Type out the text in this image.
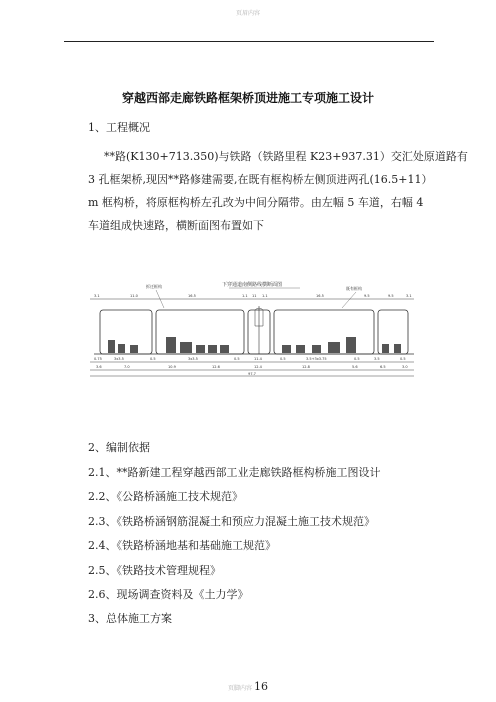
页眉内容
穿越西部走廊铁路框架桥顶进施工专项施工设计
1、工程概况
**路(K130+713.350)与铁路（铁路里程 K23+937.31）交汇处原道路有
3 孔框架桥,现因**路修建需要,在既有框构桥左侧顶进两孔(16.5+11）
m 框构桥，将原框构桥左孔改为中间分隔带。由左幅 5 车道，右幅 4
车道组成快速路，横断面图布置如下
下穿通道南侧路线横断面图
拆迁框构	既有框构
3.1	11.0	16.5	1.1 11 1.1	16.5	9.5	9.5	3.1
0.75	3x3.5	0.5	3x3.5	0.5	11.4	0.5	3.5+3x3.75	0.5	3.5	0.5
3.6	7.0	10.9	12.6	12.4	12.8	5.6	6.5	3.0
97.7
2、编制依据
2.1、**路新建工程穿越西部工业走廊铁路框构桥施工图设计
2.2、《公路桥涵施工技术规范》
2.3、《铁路桥涵钢筋混凝土和预应力混凝土施工技术规范》
2.4、《铁路桥涵地基和基础施工规范》
2.5、《铁路技术管理规程》
2.6、现场调查资料及《土力学》
3、总体施工方案
页脚内容 16
